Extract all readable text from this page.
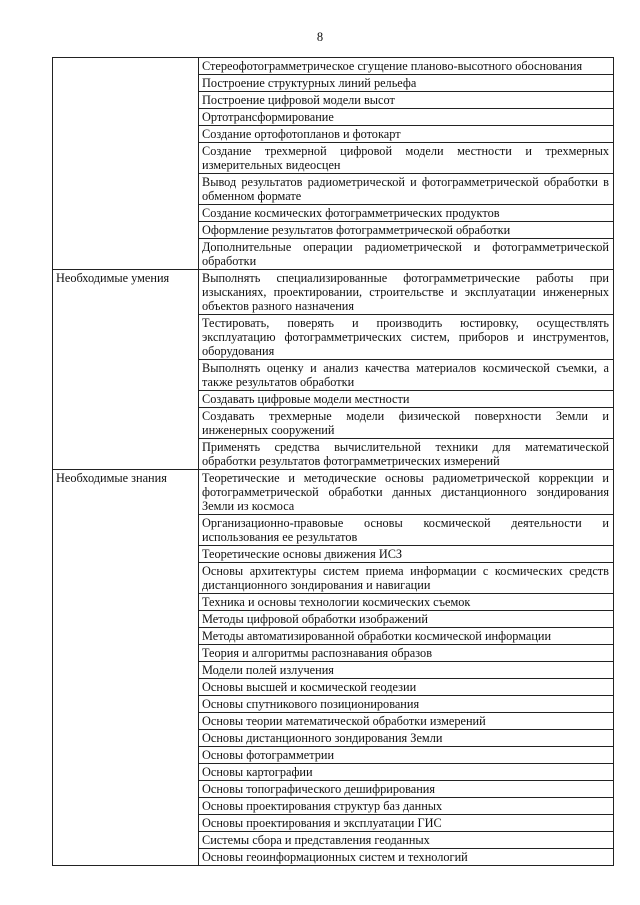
8
	Стереофотограмметрическое сгущение планово-высотного обоснования
	Построение структурных линий рельефа
	Построение цифровой модели высот
	Ортотрансформирование
	Создание ортофотопланов и фотокарт
	Создание трехмерной цифровой модели местности и трехмерных измерительных видеосцен
	Вывод результатов радиометрической и фотограмметрической обработки в обменном формате
	Создание космических фотограмметрических продуктов
	Оформление результатов фотограмметрической обработки
	Дополнительные операции радиометрической и фотограмметрической обработки
Необходимые умения	Выполнять специализированные фотограмметрические работы при изысканиях, проектировании, строительстве и эксплуатации инженерных объектов разного назначения
	Тестировать, поверять и производить юстировку, осуществлять эксплуатацию фотограмметрических систем, приборов и инструментов, оборудования
	Выполнять оценку и анализ качества материалов космической съемки, а также результатов обработки
	Создавать цифровые модели местности
	Создавать трехмерные модели физической поверхности Земли и инженерных сооружений
	Применять средства вычислительной техники для математической обработки результатов фотограмметрических измерений
Необходимые знания	Теоретические и методические основы радиометрической коррекции и фотограмметрической обработки данных дистанционного зондирования Земли из космоса
	Организационно-правовые основы космической деятельности и использования ее результатов
	Теоретические основы движения ИСЗ
	Основы архитектуры систем приема информации с космических средств дистанционного зондирования и навигации
	Техника и основы технологии космических съемок
	Методы цифровой обработки изображений
	Методы автоматизированной обработки космической информации
	Теория и алгоритмы распознавания образов
	Модели полей излучения
	Основы высшей и космической геодезии
	Основы спутникового позиционирования
	Основы теории математической обработки измерений
	Основы дистанционного зондирования Земли
	Основы фотограмметрии
	Основы картографии
	Основы топографического дешифрирования
	Основы проектирования структур баз данных
	Основы проектирования и эксплуатации ГИС
	Системы сбора и представления геоданных
	Основы геоинформационных систем и технологий
